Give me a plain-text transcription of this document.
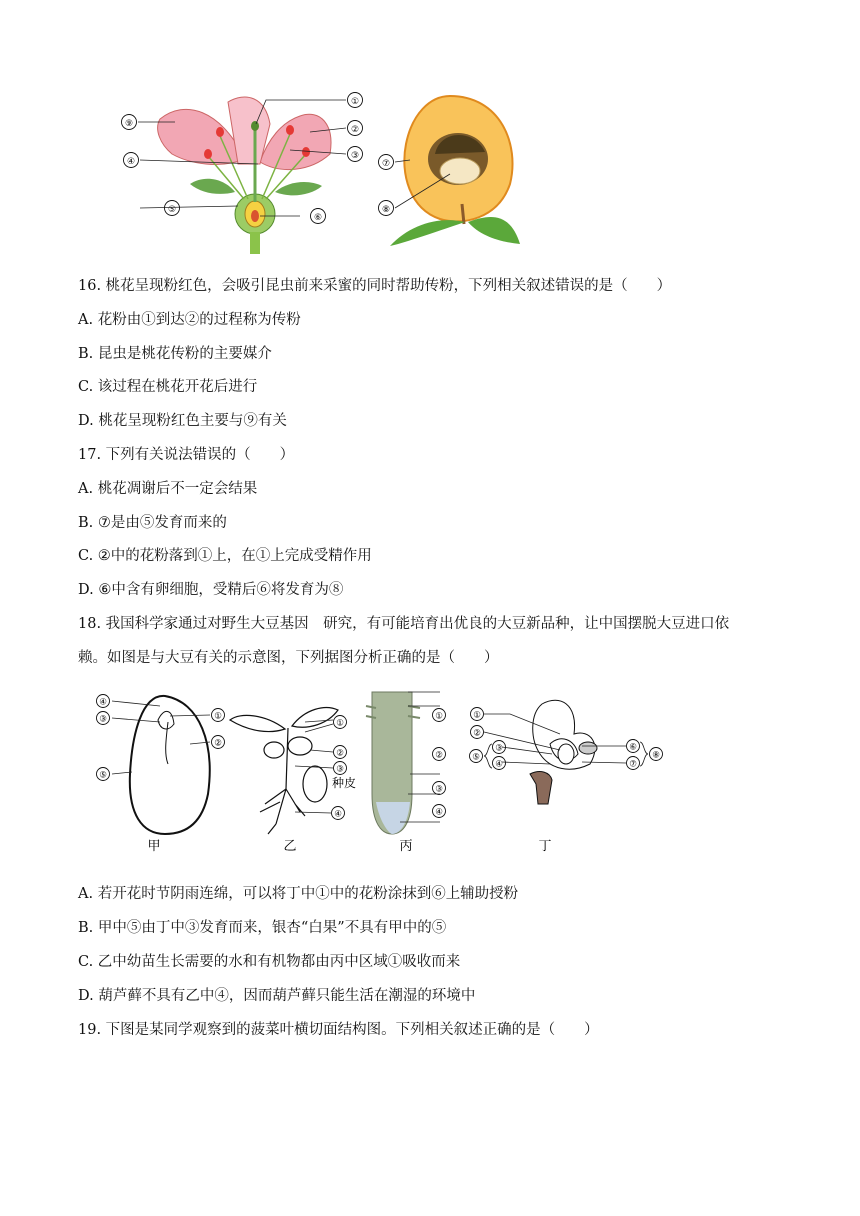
⑨
①
②
③
④
⑤
⑥
⑦
⑧
16. 桃花呈现粉红色，会吸引昆虫前来采蜜的同时帮助传粉，下列相关叙述错误的是（　　）
A. 花粉由①到达②的过程称为传粉
B. 昆虫是桃花传粉的主要媒介
C. 该过程在桃花开花后进行
D. 桃花呈现粉红色主要与⑨有关
17. 下列有关说法错误的（　　）
A. 桃花凋谢后不一定会结果
B. ⑦是由⑤发育而来的
C. ②中的花粉落到①上，在①上完成受精作用
D. ⑥中含有卵细胞，受精后⑥将发育为⑧
18. 我国科学家通过对野生大豆基因　研究，有可能培育出优良的大豆新品种，让中国摆脱大豆进口依
赖。如图是与大豆有关的示意图，下列据图分析正确的是（　　）
④
③	①
②
⑤
甲
①
②
③
种皮
④
乙
①
②
③
④
丙
①
②
⑤
③
④
⑥
⑦
⑧
丁
A. 若开花时节阴雨连绵，可以将丁中①中的花粉涂抹到⑥上辅助授粉
B. 甲中⑤由丁中③发育而来，银杏“白果”不具有甲中的⑤
C. 乙中幼苗生长需要的水和有机物都由丙中区域①吸收而来
D. 葫芦藓不具有乙中④，因而葫芦藓只能生活在潮湿的环境中
19. 下图是某同学观察到的菠菜叶横切面结构图。下列相关叙述正确的是（　　）
